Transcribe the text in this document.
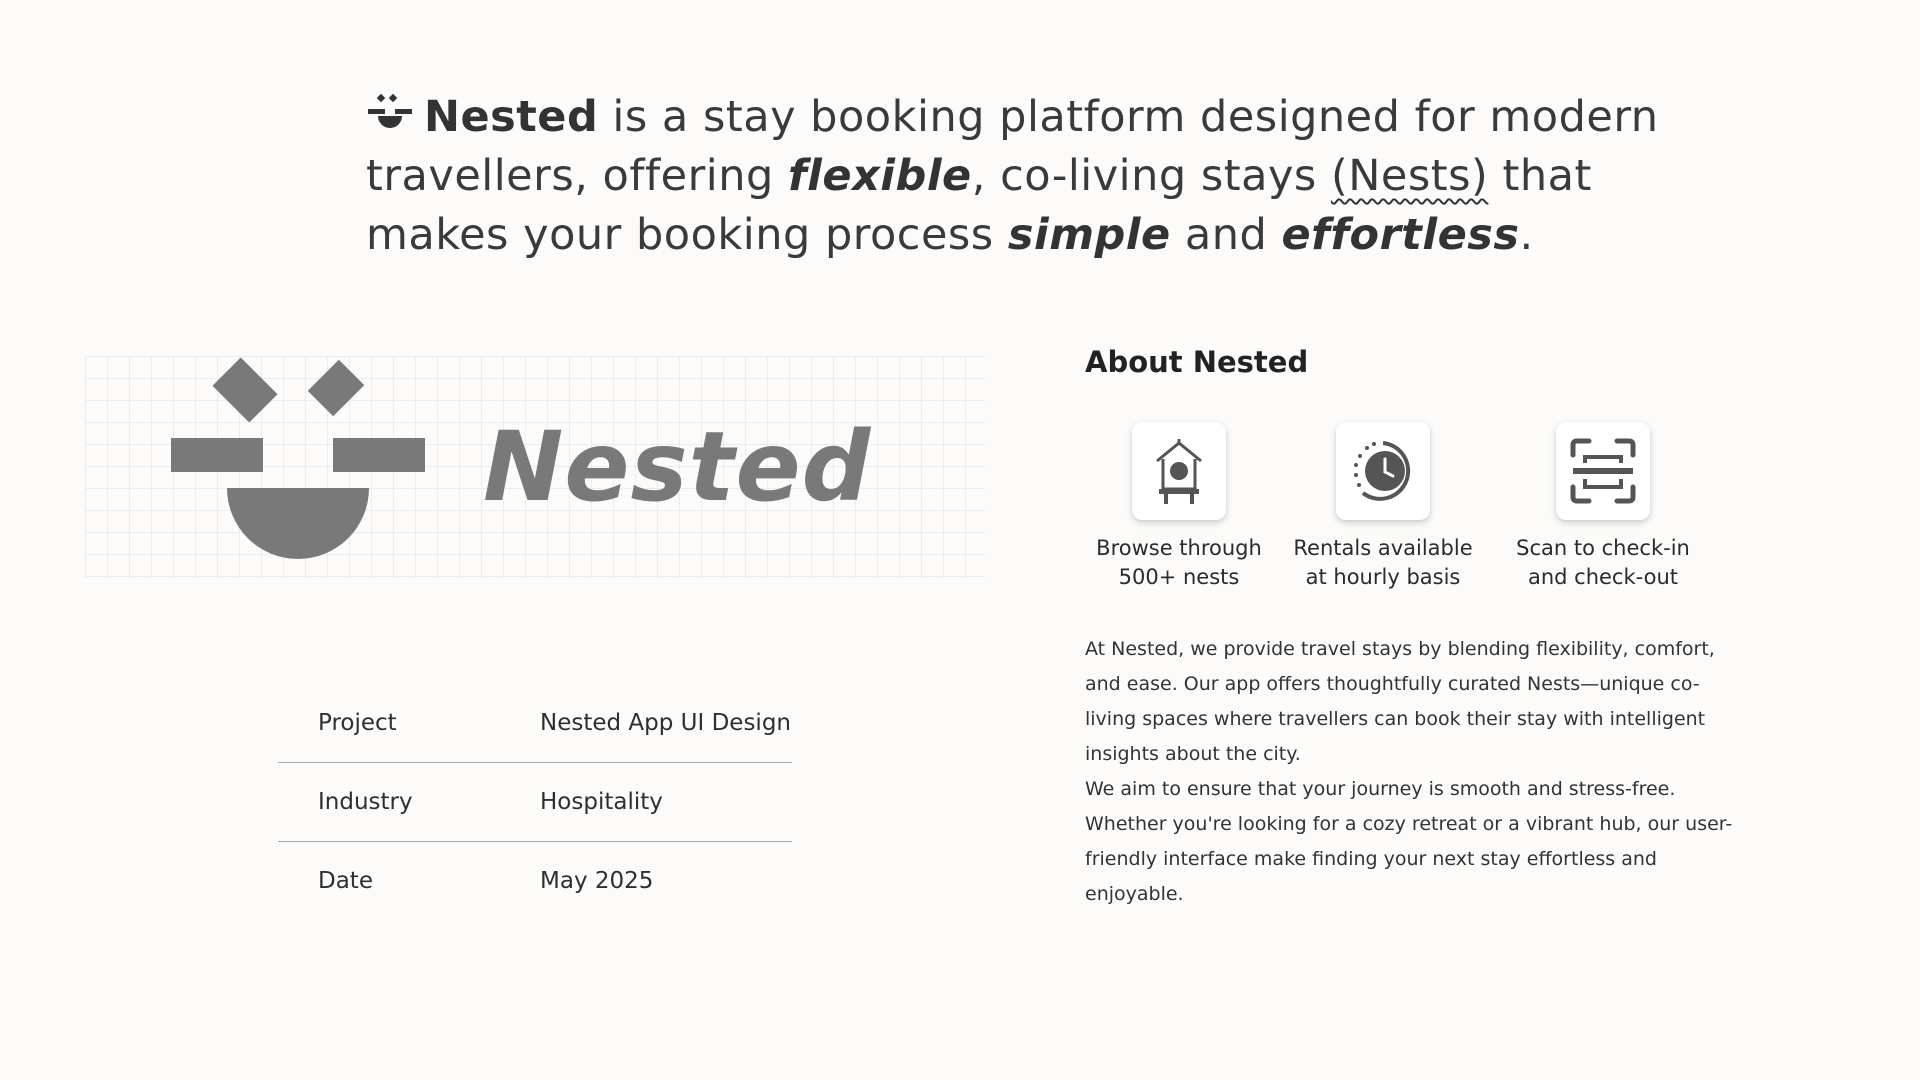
Nested is a stay booking platform designed for modern travellers, offering flexible, co-living stays (Nests) that makes your booking process simple and effortless.
Nested
Project	Nested App UI Design
Industry	Hospitality
Date	May 2025
About Nested
Browse through
500+ nests
Rentals available
at hourly basis
Scan to check-in
and check-out

At Nested, we provide travel stays by blending flexibility, comfort, and ease. Our app offers thoughtfully curated Nests—unique co-living spaces where travellers can book their stay with intelligent insights about the city.

We aim to ensure that your journey is smooth and stress-free. Whether you're looking for a cozy retreat or a vibrant hub, our user-friendly interface make finding your next stay effortless and enjoyable.
